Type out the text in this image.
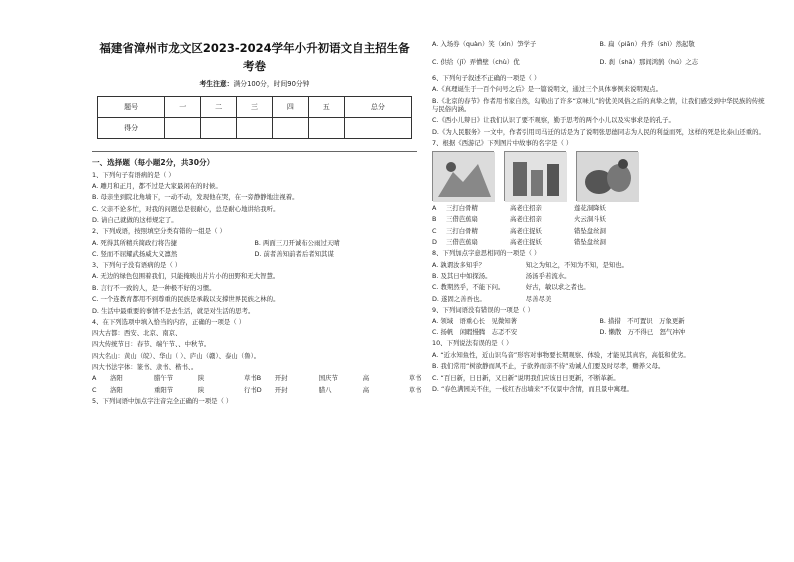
福建省漳州市龙文区2023-2024学年小升初语文自主招生备
考卷
考生注意：满分100分，时间90分钟
题号	一	二	三	四	五	总分
得分						
一、选择题（每小题2分，共30分）
1、下列句子有语病的是（ ）
A. 雕月和正月，都不过是大家最闲在的时候。
B. 母亲坐到院北角墙下，一动不动，发现他在哭，在一旁静静地注视着。
C. 父亲不论多忙，对我的问题总是很耐心，总是耐心地讲给我听。
D. 请自己就做的这样规定了。
2、下列成语，按照填空分类有错的一组是（ ）
A. 死得其所精兵简政行将告捷	B. 两面三刀开诚布公雨过天晴
C. 竖而不屈耀武扬威大义凛然	D. 前者善知前者后者知其谋
3、下列句子没有语病的是（ ）
A. 无边的绿色包围着我们，只能掩映出片片小的田野和无大智慧。
B. 言行不一致的人，是一种极不好的习惯。
C. 一个连教育都用不到尊重的民族是承载以支撑世界民族之林的。
D. 生活中最重要的事情不是去生活，就是对生活的思考。
4、在下列选项中填入恰当的内容，正确的一项是（ ）
四大古都：西安、北京、南京、
四大传统节日：春节、端午节、、中秋节。
四大名山：黄山（皖）、华山（ ）、庐山（赣）、泰山（鲁）。
四大书法字体：篆书、隶书、楷书、。
A 洛阳	腊午节	陕	草书 B 开封	国庆节	高	草书
C 洛阳	重阳节	陕	行书 D 开封	腊八	高	草书
5、下列词语中加点字注音完全正确的一项是（ ）
A. 入场券（quàn）笑（xìn）笋学子	B. 扁（piān）舟乔（shì）然起敬
C. 供给（jǐ）弄懵壁（chù）优	D. 刹（shà）那间鸿鹄（hú）之志
6、下列句子叙述不正确的一项是（ ）
A.《真理诞生于一百个问号之后》是一篇说明文，通过三个具体事例来说明观点。
B.《北京的春节》作者用书家自然，勾勒出了许多“京味儿”的优美风俗之后的真挚之情，让我们感受到中华民族的传统与民俗内涵。
C.《西小儿辩日》让我们认识了要不观察，勤于思考的两个小儿以及实事求是的孔子。
D.《为人民服务》一文中，作者引用司马迁的话是为了说明张思德同志为人民的利益而死，这样的死是比泰山还重的。
7、根据《西游记》下列图片中故事的名字是（ ）
A	三打白骨精	高老庄招亲	莲花洞降妖
B	三借芭蕉扇	高老庄招亲	火云洞斗妖
C	三打白骨精	高老庄捉妖	错坠盘丝洞
D	三借芭蕉扇	高老庄捉妖	错坠盘丝洞
8、下列加点字意思相同的一项是（ ）
A. 孰谓汝多知乎？	知之为知之，不知为不知，是知也。
B. 及其日中如探汤。	汤汤乎若流水。
C. 教期然乎，不能下问。	好古，敏以求之者也。
D. 遂固之善吾也。	尽善尽美
9、下列词语没有错误的一项是（ ）
A. 领域　语重心长　见微知著	B. 措措　不可置识　万象更新
C. 扬帆　闲暇慢腾　志忑不安	D. 懒散　万不得已　怒气冲冲
10、下列说法有误的是（ ）
A. “近水知鱼性，近山识鸟音”形容对事物要长期观察、体验，才能见其真容，高低和优劣。
B. 我们常用“树欲静而风不止，子欲养而亲不待”劝诫人们要及时尽孝，赡养父母。
C. “百日新，日日新，又日新”说明我们应该日日更新，不断革新。
D. “春色满园关不住，一枝红杏出墙来”不仅景中含情，而且景中寓理。
